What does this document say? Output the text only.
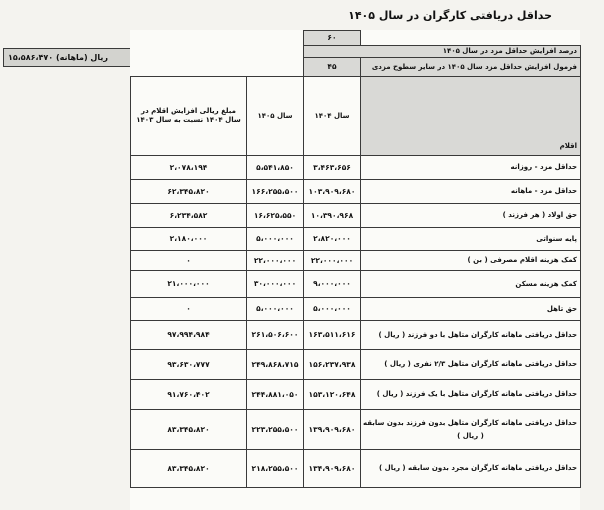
حداقل دریافتی کارگران در سال ۱۴۰۵
۱۵،۵۸۶،۴۷۰ ریال (ماهانه)
	۶۰		
درصد افزایش حداقل مزد در سال ۱۴۰۵			
فرمول افزایش حداقل مزد سال ۱۴۰۵ در سایر سطوح مزدی	۴۵		
اقلام	سال ۱۴۰۴	سال ۱۴۰۵	مبلغ ریالی افزایش اقلام در سال ۱۴۰۴ نسبت به سال ۱۴۰۳
حداقل مزد - روزانه	۳،۴۶۳،۶۵۶	۵،۵۴۱،۸۵۰	۲،۰۷۸،۱۹۴
حداقل مزد - ماهانه	۱۰۳،۹۰۹،۶۸۰	۱۶۶،۲۵۵،۵۰۰	۶۲،۳۴۵،۸۲۰
حق اولاد ( هر فرزند )	۱۰،۳۹۰،۹۶۸	۱۶،۶۲۵،۵۵۰	۶،۲۳۴،۵۸۲
پایه سنواتی	۲،۸۲۰،۰۰۰	۵،۰۰۰،۰۰۰	۲،۱۸۰،۰۰۰
کمک هزینه اقلام مصرفی ( بن )	۲۲،۰۰۰،۰۰۰	۲۲،۰۰۰،۰۰۰	۰
کمک هزینه مسکن	۹،۰۰۰،۰۰۰	۳۰،۰۰۰،۰۰۰	۲۱،۰۰۰،۰۰۰
حق تاهل	۵،۰۰۰،۰۰۰	۵،۰۰۰،۰۰۰	۰
حداقل دریافتی ماهانه کارگران متاهل با دو فرزند ( ریال )	۱۶۳،۵۱۱،۶۱۶	۲۶۱،۵۰۶،۶۰۰	۹۷،۹۹۴،۹۸۴
حداقل دریافتی ماهانه کارگران متاهل ۲/۳ نفری ( ریال )	۱۵۶،۲۳۷،۹۳۸	۲۴۹،۸۶۸،۷۱۵	۹۳،۶۳۰،۷۷۷
حداقل دریافتی ماهانه کارگران متاهل با یک فرزند ( ریال )	۱۵۳،۱۲۰،۶۴۸	۲۴۴،۸۸۱،۰۵۰	۹۱،۷۶۰،۴۰۲

حداقل دریافتی ماهانه کارگران متاهل بدون فرزند بدون سابقه
( ریال )	۱۳۹،۹۰۹،۶۸۰	۲۲۳،۲۵۵،۵۰۰	۸۳،۳۴۵،۸۲۰
حداقل دریافتی ماهانه کارگران مجرد بدون سابقه ( ریال )	۱۳۴،۹۰۹،۶۸۰	۲۱۸،۲۵۵،۵۰۰	۸۳،۳۴۵،۸۲۰
